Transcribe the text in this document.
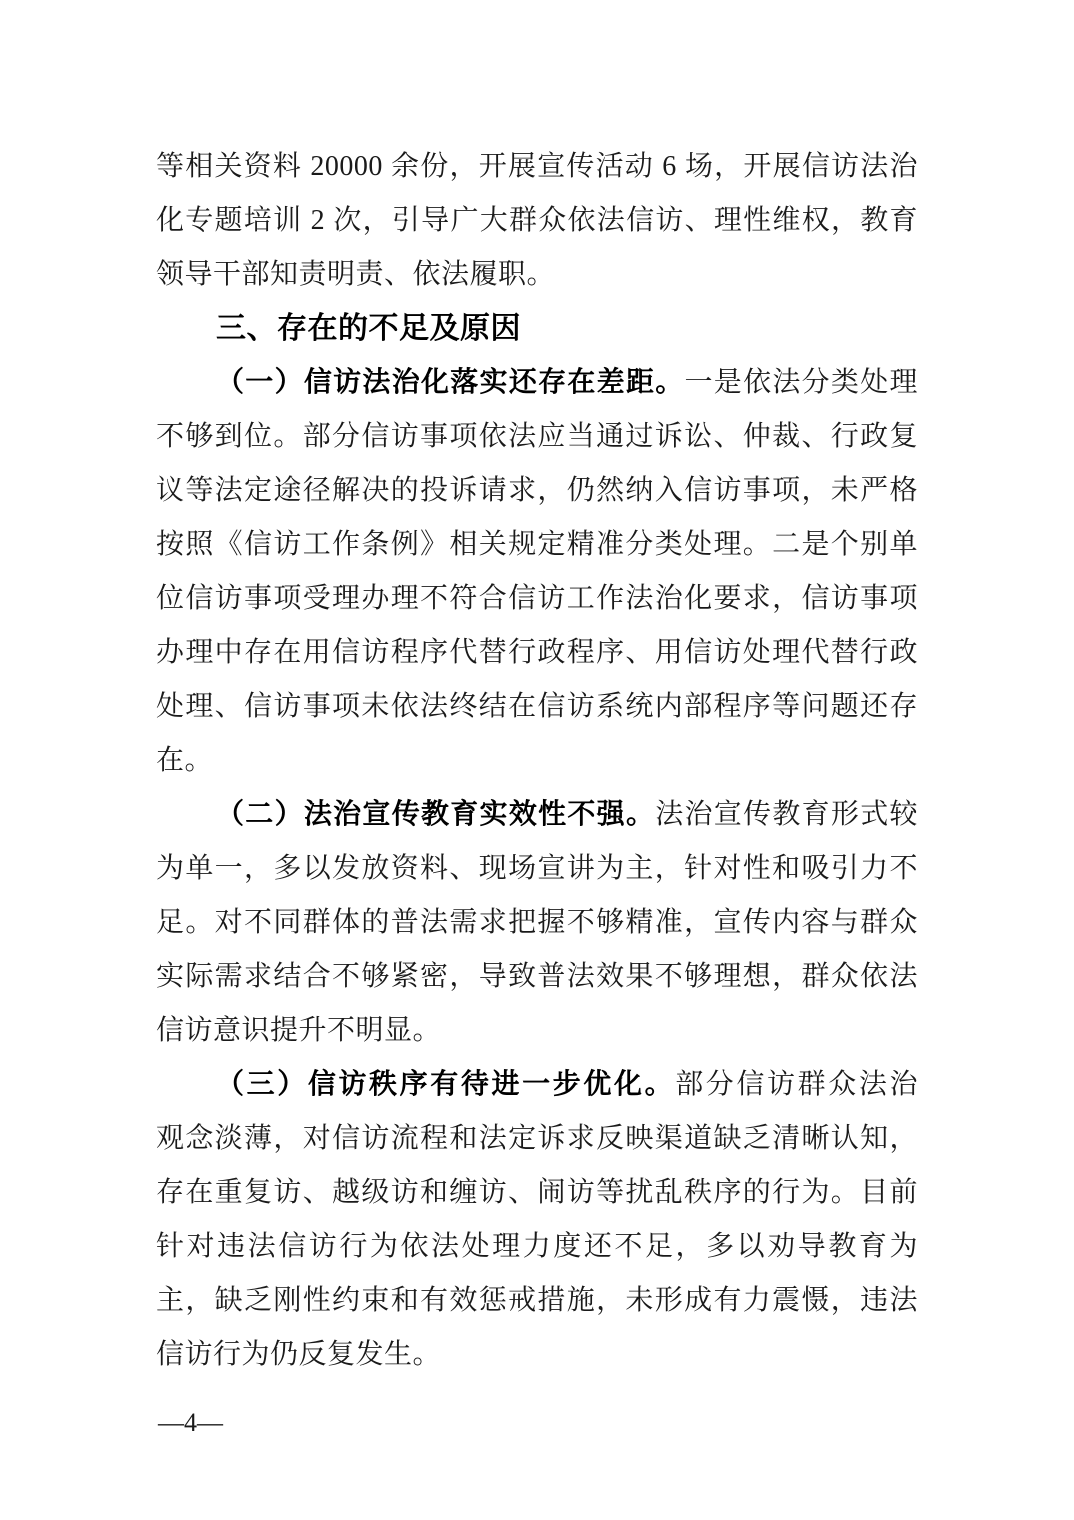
等相关资料 20000 余份，开展宣传活动 6 场，开展信访法治
化专题培训 2 次，引导广大群众依法信访、理性维权，教育
领导干部知责明责、依法履职。
三、存在的不足及原因
（一）信访法治化落实还存在差距。一是依法分类处理
不够到位。部分信访事项依法应当通过诉讼、仲裁、行政复
议等法定途径解决的投诉请求，仍然纳入信访事项，未严格
按照《信访工作条例》相关规定精准分类处理。二是个别单
位信访事项受理办理不符合信访工作法治化要求，信访事项
办理中存在用信访程序代替行政程序、用信访处理代替行政
处理、信访事项未依法终结在信访系统内部程序等问题还存
在。
（二）法治宣传教育实效性不强。法治宣传教育形式较
为单一，多以发放资料、现场宣讲为主，针对性和吸引力不
足。对不同群体的普法需求把握不够精准，宣传内容与群众
实际需求结合不够紧密，导致普法效果不够理想，群众依法
信访意识提升不明显。
（三）信访秩序有待进一步优化。部分信访群众法治
观念淡薄，对信访流程和法定诉求反映渠道缺乏清晰认知，
存在重复访、越级访和缠访、闹访等扰乱秩序的行为。目前
针对违法信访行为依法处理力度还不足，多以劝导教育为
主，缺乏刚性约束和有效惩戒措施，未形成有力震慑，违法
信访行为仍反复发生。
—4—
